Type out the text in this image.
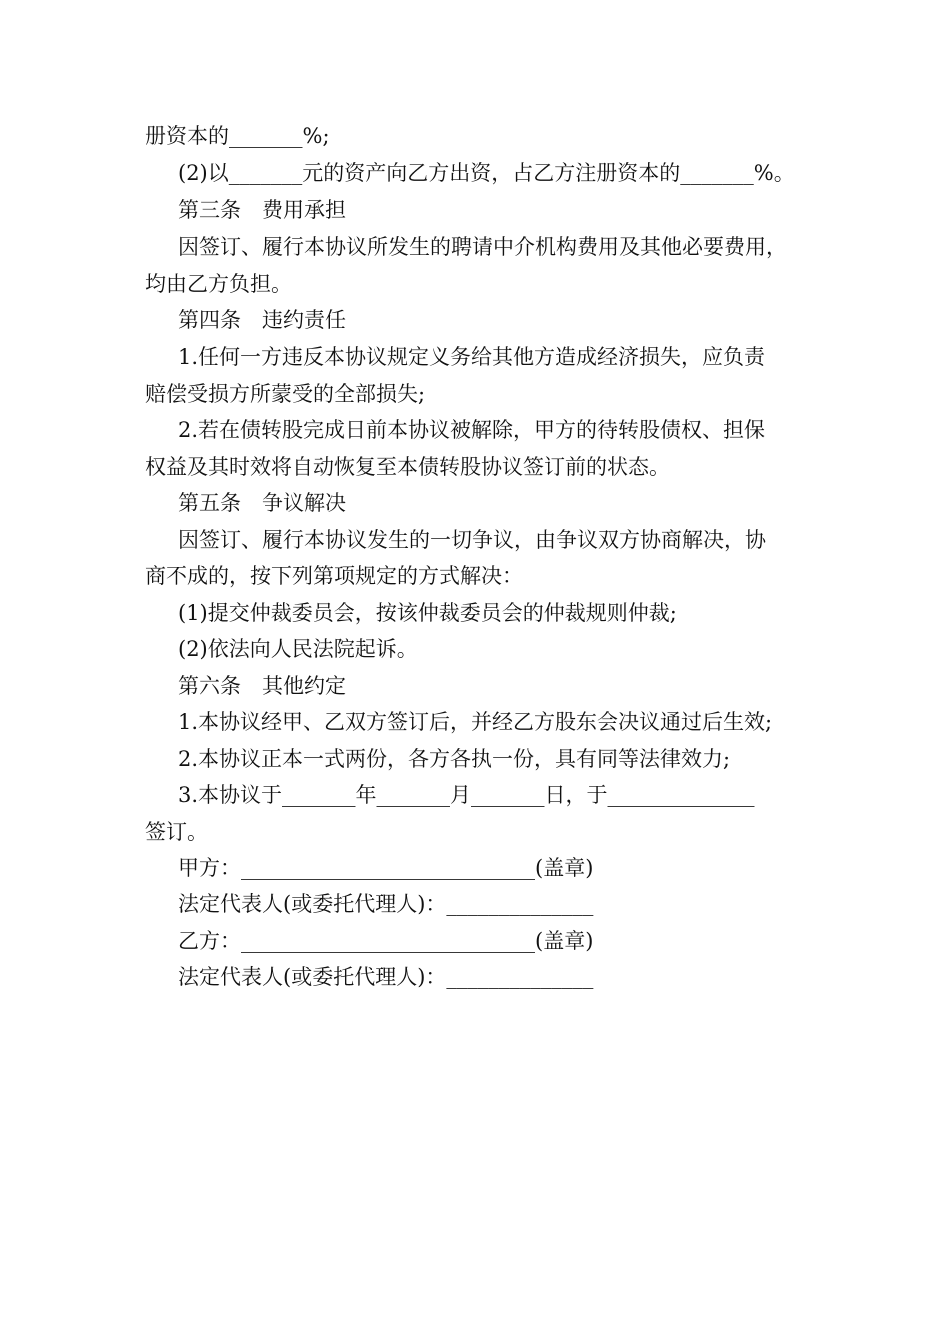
册资本的_______%;
(2)以_______元的资产向乙方出资，占乙方注册资本的_______%。
第三条　费用承担
因签订、履行本协议所发生的聘请中介机构费用及其他必要费用，
均由乙方负担。
第四条　违约责任
1.任何一方违反本协议规定义务给其他方造成经济损失，应负责
赔偿受损方所蒙受的全部损失;
2.若在债转股完成日前本协议被解除，甲方的待转股债权、担保
权益及其时效将自动恢复至本债转股协议签订前的状态。
第五条　争议解决
因签订、履行本协议发生的一切争议，由争议双方协商解决，协
商不成的，按下列第项规定的方式解决：
(1)提交仲裁委员会，按该仲裁委员会的仲裁规则仲裁;
(2)依法向人民法院起诉。
第六条　其他约定
1.本协议经甲、乙双方签订后，并经乙方股东会决议通过后生效;
2.本协议正本一式两份，各方各执一份，具有同等法律效力;
3.本协议于_______年_______月_______日，于______________
签订。
甲方：____________________________(盖章)
法定代表人(或委托代理人)：______________
乙方：____________________________(盖章)
法定代表人(或委托代理人)：______________
